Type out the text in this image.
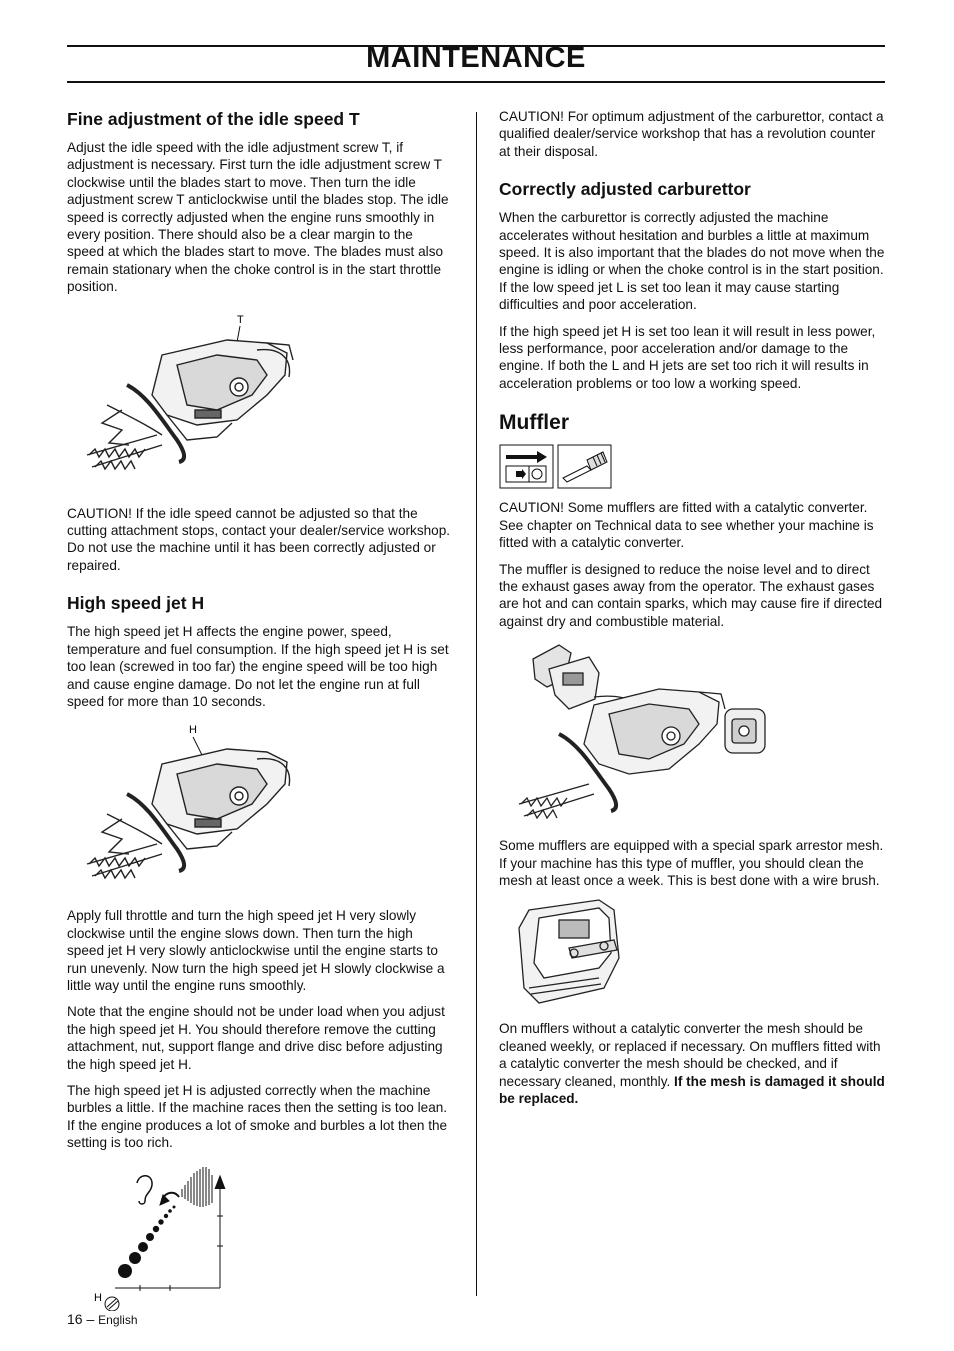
MAINTENANCE
Fine adjustment of the idle speed T

Adjust the idle speed with the idle adjustment screw T, if adjustment is necessary. First turn the idle adjustment screw T clockwise until the blades start to move. Then turn the idle adjustment screw T anticlockwise until the blades stop. The idle speed is correctly adjusted when the engine runs smoothly in every position. There should also be a clear margin to the speed at which the blades start to move. The blades must also remain stationary when the choke control is in the start throttle position.

T

CAUTION! If the idle speed cannot be adjusted so that the cutting attachment stops, contact your dealer/service workshop. Do not use the machine until it has been correctly adjusted or repaired.

High speed jet H

The high speed jet H affects the engine power, speed, temperature and fuel consumption. If the high speed jet H is set too lean (screwed in too far) the engine speed will be too high and cause engine damage. Do not let the engine run at full speed for more than 10 seconds.

H

Apply full throttle and turn the high speed jet H very slowly clockwise until the engine slows down. Then turn the high speed jet H very slowly anticlockwise until the engine starts to run unevenly. Now turn the high speed jet H slowly clockwise a little way until the engine runs smoothly.

Note that the engine should not be under load when you adjust the high speed jet H. You should therefore remove the cutting attachment, nut, support flange and drive disc before adjusting the high speed jet H.

The high speed jet H is adjusted correctly when the machine burbles a little. If the machine races then the setting is too lean. If the engine produces a lot of smoke and burbles a lot then the setting is too rich.

H

CAUTION! For optimum adjustment of the carburettor, contact a qualified dealer/service workshop that has a revolution counter at their disposal.

Correctly adjusted carburettor

When the carburettor is correctly adjusted the machine accelerates without hesitation and burbles a little at maximum speed. It is also important that the blades do not move when the engine is idling or when the choke control is in the start position. If the low speed jet L is set too lean it may cause starting difficulties and poor acceleration.

If the high speed jet H is set too lean it will result in less power, less performance, poor acceleration and/or damage to the engine. If both the L and H jets are set too rich it will results in acceleration problems or too low a working speed.

Muffler

CAUTION! Some mufflers are fitted with a catalytic converter. See chapter on Technical data to see whether your machine is fitted with a catalytic converter.

The muffler is designed to reduce the noise level and to direct the exhaust gases away from the operator. The exhaust gases are hot and can contain sparks, which may cause fire if directed against dry and combustible material.

Some mufflers are equipped with a special spark arrestor mesh. If your machine has this type of muffler, you should clean the mesh at least once a week. This is best done with a wire brush.

On mufflers without a catalytic converter the mesh should be cleaned weekly, or replaced if necessary. On mufflers fitted with a catalytic converter the mesh should be checked, and if necessary cleaned, monthly. If the mesh is damaged it should be replaced.

16 – English
